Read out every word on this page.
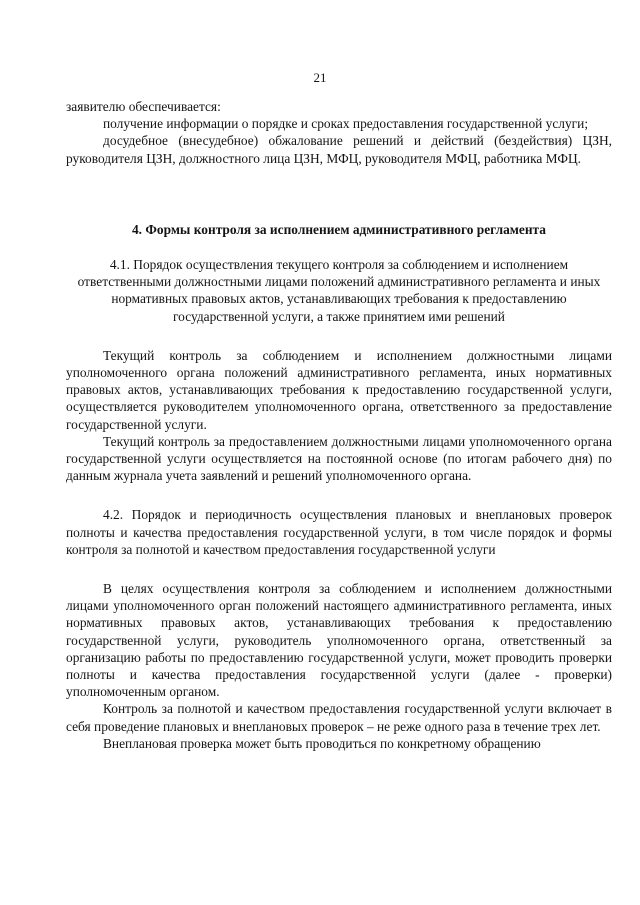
21

заявителю обеспечивается:

получение информации о порядке и сроках предоставления государственной услуги;

досудебное (внесудебное) обжалование решений и действий (бездействия) ЦЗН, руководителя ЦЗН, должностного лица ЦЗН, МФЦ, руководителя МФЦ, работника МФЦ.

4. Формы контроля за исполнением административного регламента

4.1. Порядок осуществления текущего контроля за соблюдением и исполнением ответственными должностными лицами положений административного регламента и иных нормативных правовых актов, устанавливающих требования к предоставлению государственной услуги, а также принятием ими решений

Текущий контроль за соблюдением и исполнением должностными лицами уполномоченного органа положений административного регламента, иных нормативных правовых актов, устанавливающих требования к предоставлению государственной услуги, осуществляется руководителем уполномоченного органа, ответственного за предоставление государственной услуги.

Текущий контроль за предоставлением должностными лицами уполномоченного органа государственной услуги осуществляется на постоянной основе (по итогам рабочего дня) по данным журнала учета заявлений и решений уполномоченного органа.

4.2. Порядок и периодичность осуществления плановых и внеплановых проверок полноты и качества предоставления государственной услуги, в том числе порядок и формы контроля за полнотой и качеством предоставления государственной услуги

В целях осуществления контроля за соблюдением и исполнением должностными лицами уполномоченного орган положений настоящего административного регламента, иных нормативных правовых актов, устанавливающих требования к предоставлению государственной услуги, руководитель уполномоченного органа, ответственный за организацию работы по предоставлению государственной услуги, может проводить проверки полноты и качества предоставления государственной услуги (далее - проверки) уполномоченным органом.

Контроль за полнотой и качеством предоставления государственной услуги включает в себя проведение плановых и внеплановых проверок – не реже одного раза в течение трех лет.

Внеплановая проверка может быть проводиться по конкретному обращению
